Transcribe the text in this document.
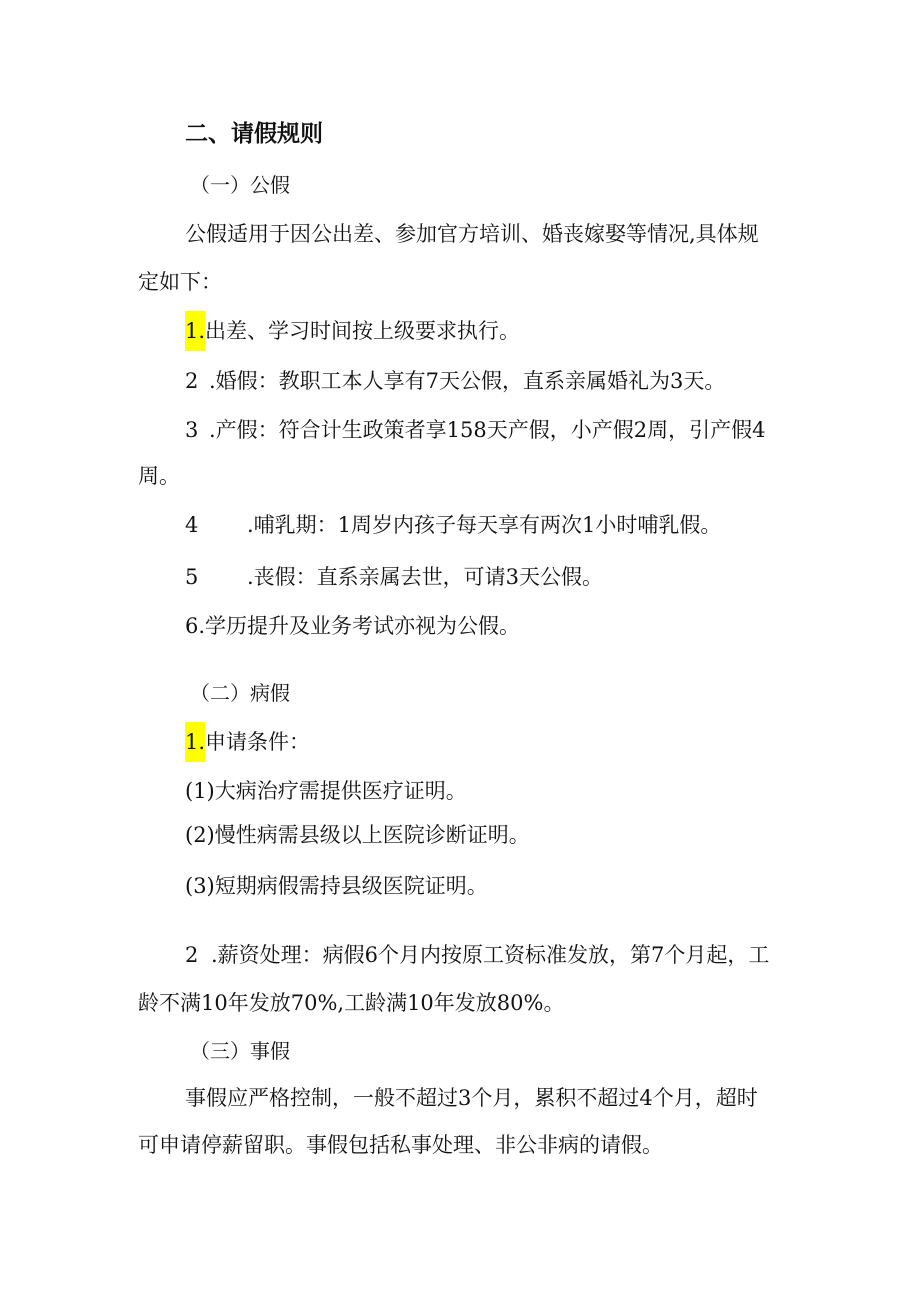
二、请假规则
（一）公假
公假适用于因公出差、参加官方培训、婚丧嫁娶等情况,具体规
定如下：
1.出差、学习时间按上级要求执行。
2 .婚假：教职工本人享有7天公假，直系亲属婚礼为3天。
3 .产假：符合计生政策者享158天产假，小产假2周，引产假4
周。
4 .哺乳期：1周岁内孩子每天享有两次1小时哺乳假。
5 .丧假：直系亲属去世，可请3天公假。
6.学历提升及业务考试亦视为公假。
（二）病假
1.申请条件：
(1)大病治疗需提供医疗证明。
(2)慢性病需县级以上医院诊断证明。
(3)短期病假需持县级医院证明。
2 .薪资处理：病假6个月内按原工资标准发放，第7个月起，工
龄不满10年发放70%,工龄满10年发放80%。
（三）事假
事假应严格控制，一般不超过3个月，累积不超过4个月，超时
可申请停薪留职。事假包括私事处理、非公非病的请假。
